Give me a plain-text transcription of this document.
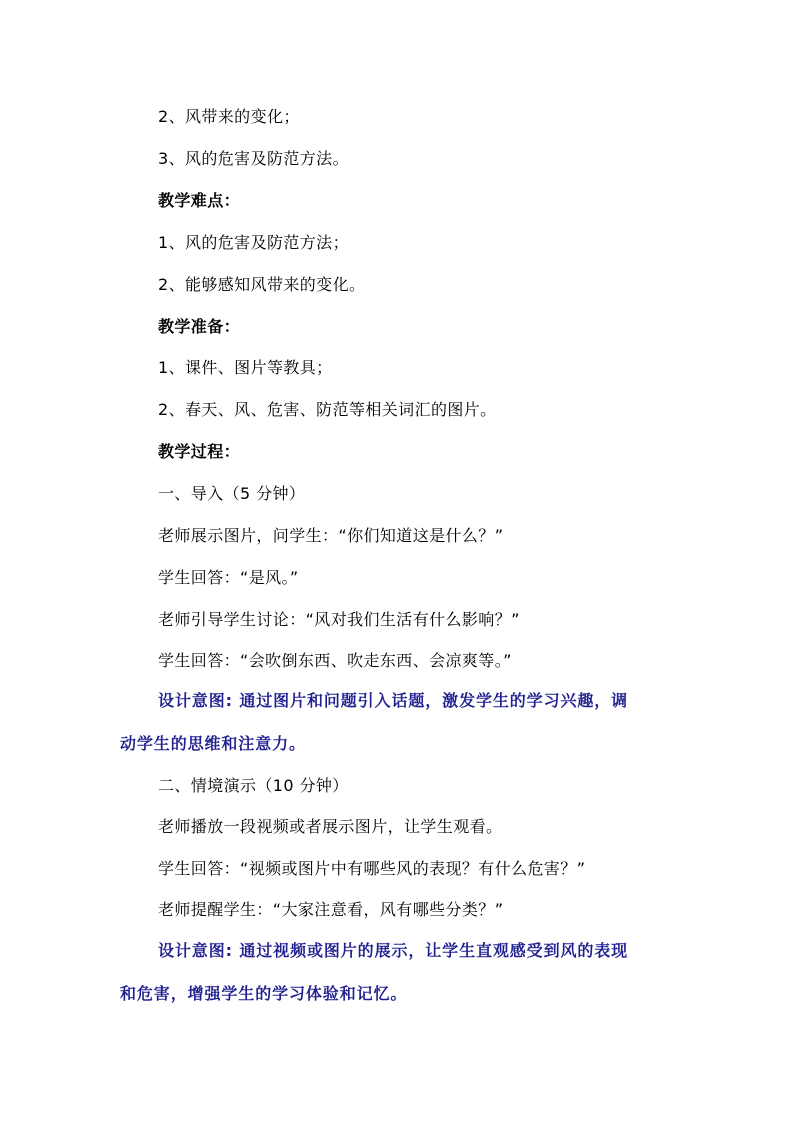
2、风带来的变化；
3、风的危害及防范方法。
教学难点：
1、风的危害及防范方法；
2、能够感知风带来的变化。
教学准备：
1、课件、图片等教具；
2、春天、风、危害、防范等相关词汇的图片。
教学过程：
一、导入（5 分钟）
老师展示图片，问学生：“你们知道这是什么？”
学生回答：“是风。”
老师引导学生讨论：“风对我们生活有什么影响？”
学生回答：“会吹倒东西、吹走东西、会凉爽等。”
设计意图: 通过图片和问题引入话题，激发学生的学习兴趣，调
动学生的思维和注意力。
二、情境演示（10 分钟）
老师播放一段视频或者展示图片，让学生观看。
学生回答：“视频或图片中有哪些风的表现？有什么危害？”
老师提醒学生：“大家注意看，风有哪些分类？”
设计意图: 通过视频或图片的展示，让学生直观感受到风的表现
和危害，增强学生的学习体验和记忆。
